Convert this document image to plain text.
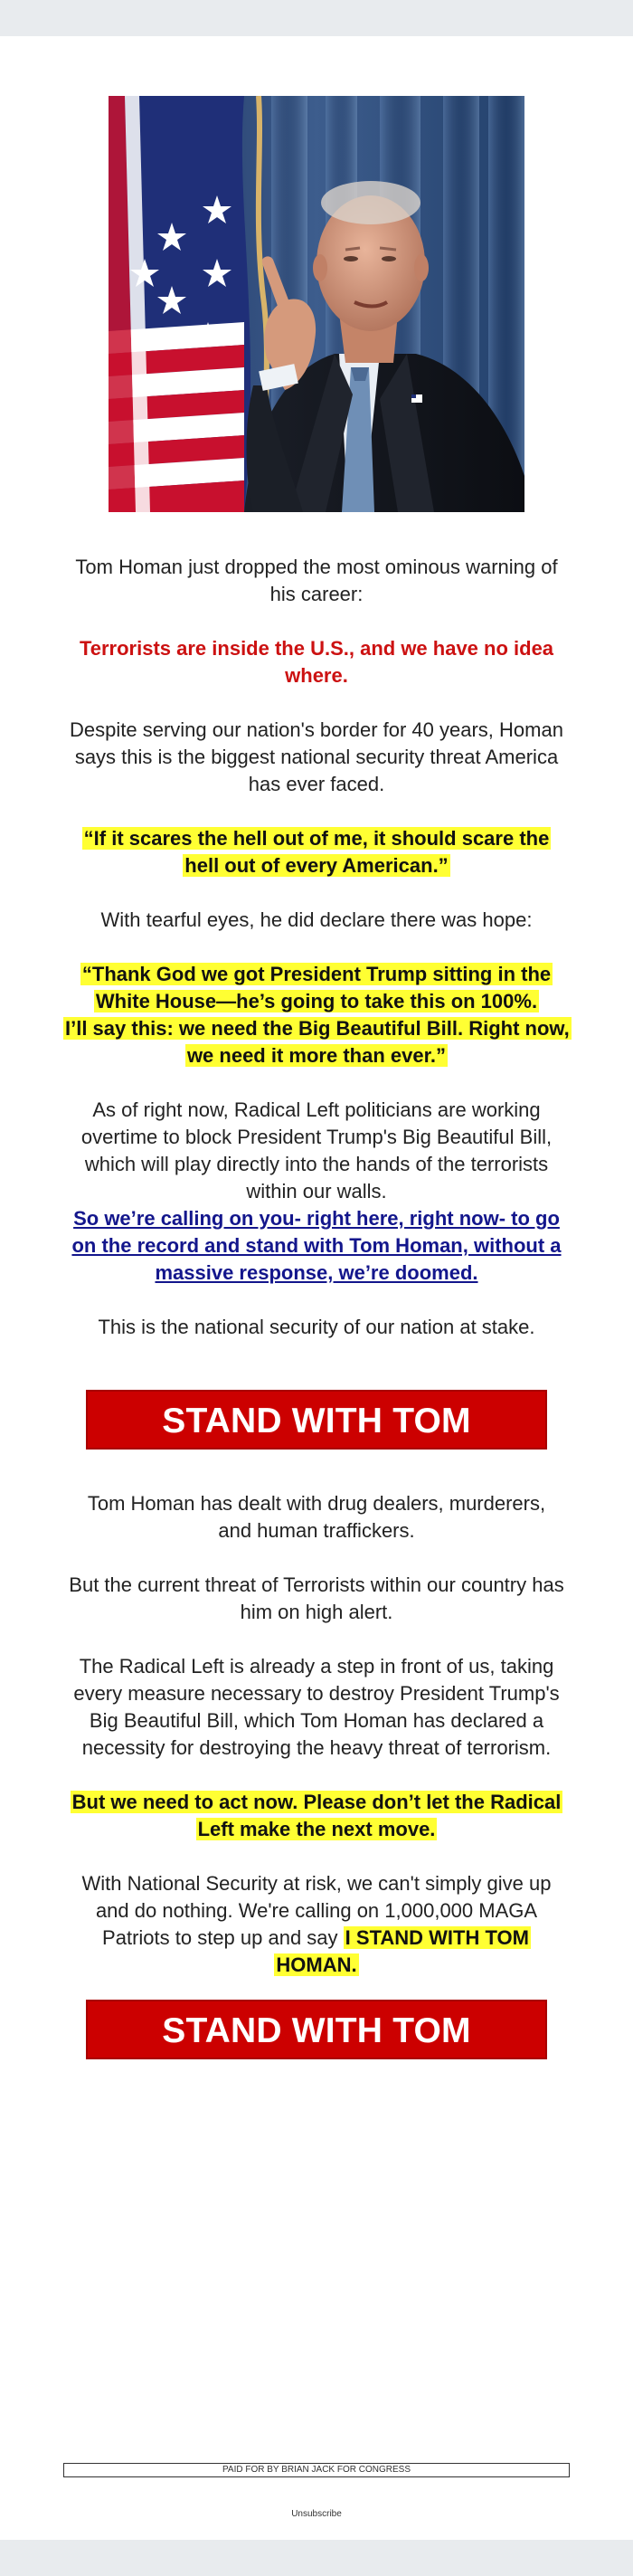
Tom Homan just dropped the most ominous warning of his career:

Terrorists are inside the U.S., and we have no idea where.

Despite serving our nation's border for 40 years, Homan says this is the biggest national security threat America has ever faced.

“If it scares the hell out of me, it should scare the hell out of every American.”

With tearful eyes, he did declare there was hope:

“Thank God we got President Trump sitting in the White House—he’s going to take this on 100%.
I’ll say this: we need the Big Beautiful Bill. Right now, we need it more than ever.”

As of right now, Radical Left politicians are working overtime to block President Trump's Big Beautiful Bill, which will play directly into the hands of the terrorists within our walls.

So we’re calling on you- right here, right now- to go on the record and stand with Tom Homan, without a massive response, we’re doomed.

This is the national security of our nation at stake.

STAND WITH TOM HOMAN!

Tom Homan has dealt with drug dealers, murderers, and human traffickers.

But the current threat of Terrorists within our country has him on high alert.

The Radical Left is already a step in front of us, taking every measure necessary to destroy President Trump's Big Beautiful Bill, which Tom Homan has declared a necessity for destroying the heavy threat of terrorism.

But we need to act now. Please don’t let the Radical Left make the next move.

With National Security at risk, we can't simply give up and do nothing. We're calling on 1,000,000 MAGA Patriots to step up and say I STAND WITH TOM HOMAN.

STAND WITH TOM HOMAN!
PAID FOR BY BRIAN JACK FOR CONGRESS
Unsubscribe
